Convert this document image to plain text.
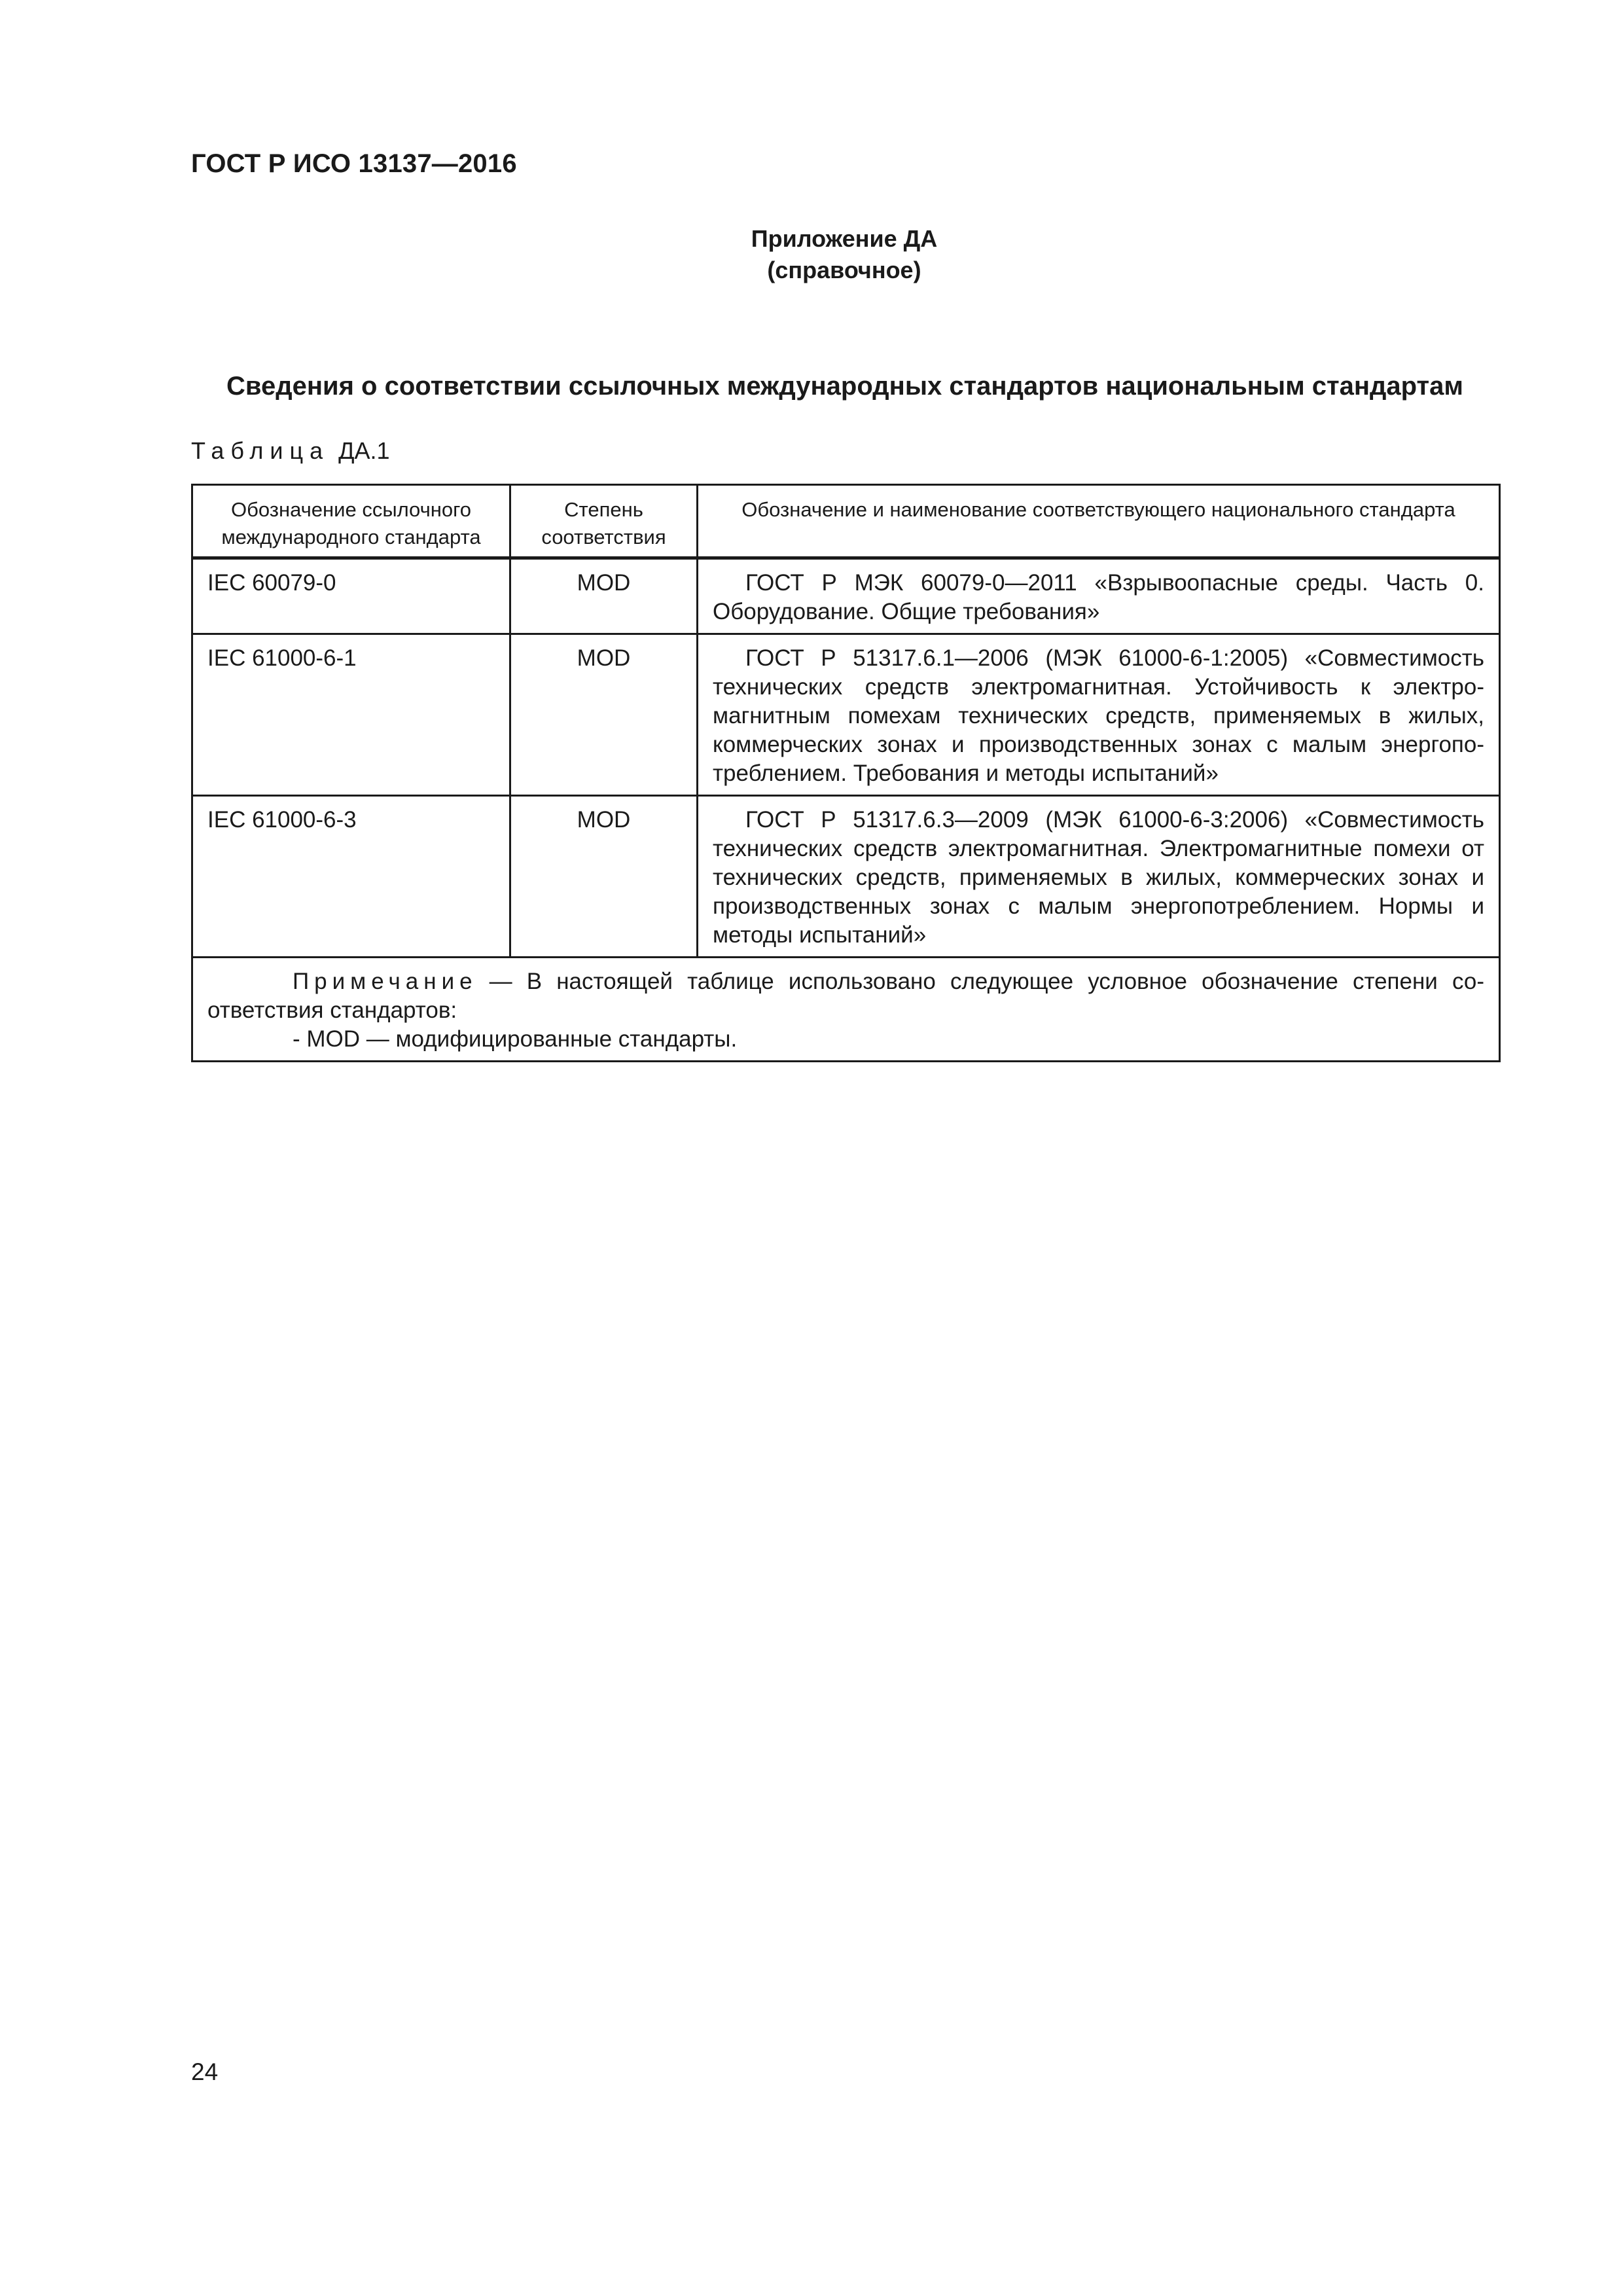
ГОСТ Р ИСО 13137—2016
Приложение ДА
(справочное)
Сведения о соответствии ссылочных международных стандартов национальным стандартам
Таблица ДА.1
Обозначение ссылочного международного стандарта	Степень соответствия	Обозначение и наименование соответствующего национального стандарта
IEC 60079-0	MOD	ГОСТ Р МЭК 60079-0—2011 «Взрывоопасные среды. Часть 0. Оборудование. Общие требования»
IEC 61000-6-1	MOD	ГОСТ Р 51317.6.1—2006 (МЭК 61000-6-1:2005) «Совместимость технических средств электромагнитная. Устойчивость к электромагнитным помехам технических средств, применяемых в жилых, коммерческих зонах и производственных зонах с малым энергопотреблением. Требования и методы испытаний»
IEC 61000-6-3	MOD	ГОСТ Р 51317.6.3—2009 (МЭК 61000-6-3:2006) «Совместимость технических средств электромагнитная. Электромагнитные помехи от технических средств, применяемых в жилых, коммерческих зонах и производственных зонах с малым энергопотреблением. Нормы и методы испытаний»

Примечание — В настоящей таблице использовано следующее условное обозначение степени соответствия стандартов:
- MOD — модифицированные стандарты.		
24
